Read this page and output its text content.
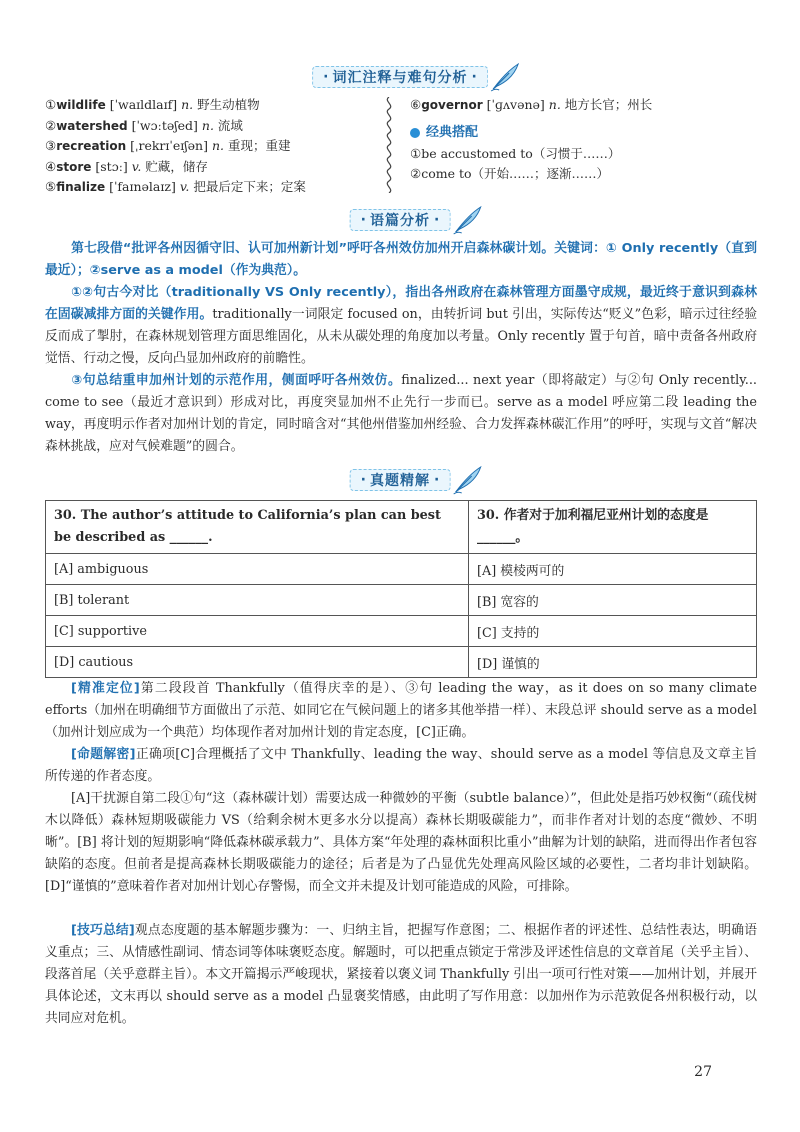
· 词汇注释与难句分析 ·
①wildlife [ˈwaɪldlaɪf] n. 野生动植物
②watershed [ˈwɔːtəʃed] n. 流域
③recreation [ˌrekrɪˈeɪʃən] n. 重现；重建
④store [stɔː] v. 贮藏，储存
⑤finalize [ˈfaɪnəlaɪz] v. 把最后定下来；定案
⑥governor [ˈɡʌvənə] n. 地方长官；州长
经典搭配
①be accustomed to（习惯于……）
②come to（开始……；逐渐……）
· 语篇分析 ·
第七段借“批评各州因循守旧、认可加州新计划”呼吁各州效仿加州开启森林碳计划。关键词：① Only recently（直到最近）；②serve as a model（作为典范）。
①②句古今对比（traditionally VS Only recently），指出各州政府在森林管理方面墨守成规，最近终于意识到森林在固碳减排方面的关键作用。traditionally一词限定 focused on，由转折词 but 引出，实际传达“贬义”色彩，暗示过往经验反而成了掣肘，在森林规划管理方面思维固化，从未从碳处理的角度加以考量。Only recently 置于句首，暗中责备各州政府觉悟、行动之慢，反向凸显加州政府的前瞻性。
③句总结重申加州计划的示范作用，侧面呼吁各州效仿。finalized... next year（即将敲定）与②句 Only recently... come to see（最近才意识到）形成对比，再度突显加州不止先行一步而已。serve as a model 呼应第二段 leading the way，再度明示作者对加州计划的肯定，同时暗含对“其他州借鉴加州经验、合力发挥森林碳汇作用”的呼吁，实现与文首“解决森林挑战，应对气候难题”的圆合。
· 真题精解 ·
30. The author’s attitude to California’s plan can best be described as ______.	30. 作者对于加利福尼亚州计划的态度是______。
[A] ambiguous	[A] 模棱两可的
[B] tolerant	[B] 宽容的
[C] supportive	[C] 支持的
[D] cautious	[D] 谨慎的
[精准定位]第二段段首 Thankfully（值得庆幸的是）、③句 leading the way，as it does on so many climate efforts（加州在明确细节方面做出了示范、如同它在气候问题上的诸多其他举措一样）、末段总评 should serve as a model（加州计划应成为一个典范）均体现作者对加州计划的肯定态度，[C]正确。
[命题解密]正确项[C]合理概括了文中 Thankfully、leading the way、should serve as a model 等信息及文章主旨所传递的作者态度。
[A]干扰源自第二段①句“这（森林碳计划）需要达成一种微妙的平衡（subtle balance）”，但此处是指巧妙权衡“（疏伐树木以降低）森林短期吸碳能力 VS（给剩余树木更多水分以提高）森林长期吸碳能力”，而非作者对计划的态度“微妙、不明晰”。[B] 将计划的短期影响“降低森林碳承载力”、具体方案“年处理的森林面积比重小”曲解为计划的缺陷，进而得出作者包容缺陷的态度。但前者是提高森林长期吸碳能力的途径；后者是为了凸显优先处理高风险区域的必要性，二者均非计划缺陷。[D]“谨慎的”意味着作者对加州计划心存警惕，而全文并未提及计划可能造成的风险，可排除。
[技巧总结]观点态度题的基本解题步骤为：一、归纳主旨，把握写作意图；二、根据作者的评述性、总结性表达，明确语义重点；三、从情感性副词、情态词等体味褒贬态度。解题时，可以把重点锁定于常涉及评述性信息的文章首尾（关乎主旨）、段落首尾（关乎意群主旨）。本文开篇揭示严峻现状，紧接着以褒义词 Thankfully 引出一项可行性对策——加州计划，并展开具体论述，文末再以 should serve as a model 凸显褒奖情感，由此明了写作用意：以加州作为示范敦促各州积极行动，以共同应对危机。
27
